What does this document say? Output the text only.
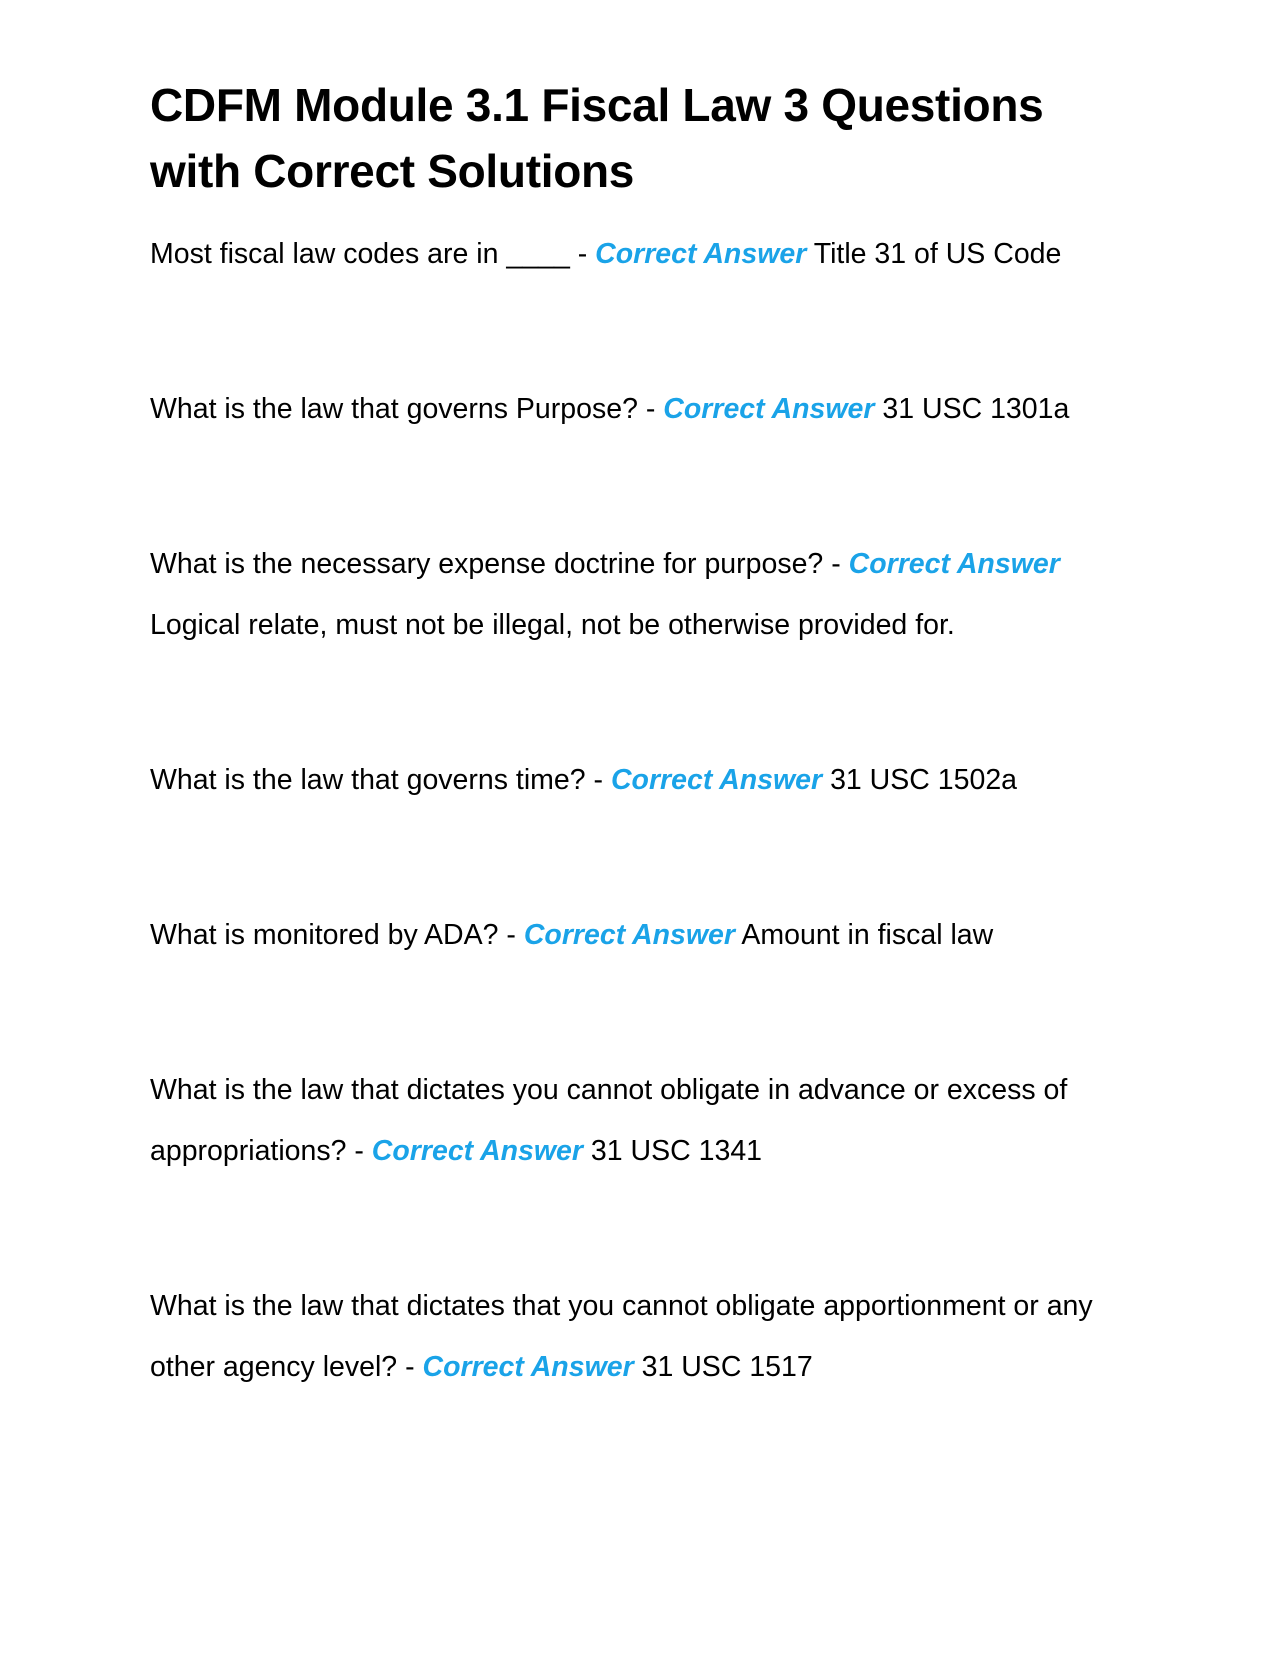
CDFM Module 3.1 Fiscal Law 3 Questions with Correct Solutions

Most fiscal law codes are in ____ - Correct Answer Title 31 of US Code

What is the law that governs Purpose? - Correct Answer 31 USC 1301a

What is the necessary expense doctrine for purpose? - Correct Answer Logical relate, must not be illegal, not be otherwise provided for.

What is the law that governs time? - Correct Answer 31 USC 1502a

What is monitored by ADA? - Correct Answer Amount in fiscal law

What is the law that dictates you cannot obligate in advance or excess of appropriations? - Correct Answer 31 USC 1341

What is the law that dictates that you cannot obligate apportionment or any other agency level? - Correct Answer 31 USC 1517
